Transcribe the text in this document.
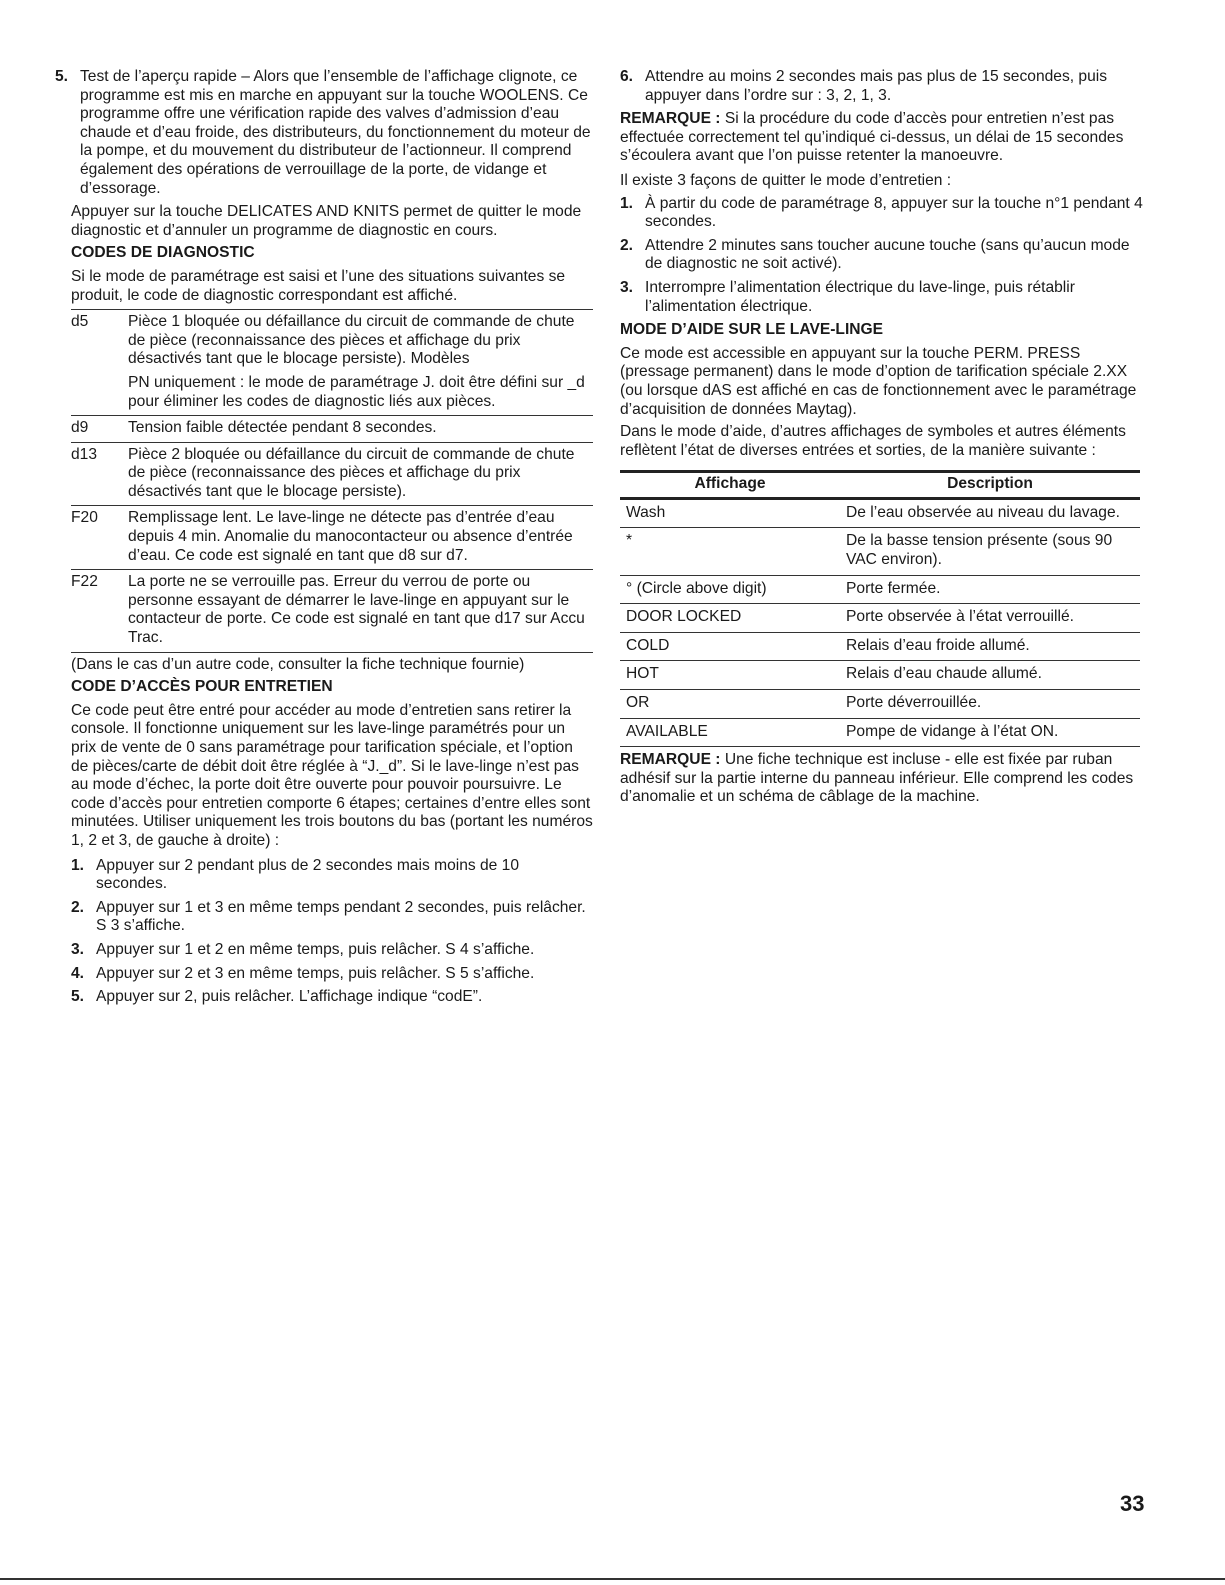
5. Test de l’aperçu rapide – Alors que l’ensemble de l’affichage clignote, ce programme est mis en marche en appuyant sur la touche WOOLENS. Ce programme offre une vérification rapide des valves d’admission d’eau chaude et d’eau froide, des distributeurs, du fonctionnement du moteur de la pompe, et du mouvement du distributeur de l’actionneur. Il comprend également des opérations de verrouillage de la porte, de vidange et d’essorage.

Appuyer sur la touche DELICATES AND KNITS permet de quitter le mode diagnostic et d’annuler un programme de diagnostic en cours.

CODES DE DIAGNOSTIC

Si le mode de paramétrage est saisi et l’une des situations suivantes se produit, le code de diagnostic correspondant est affiché.

d5	Pièce 1 bloquée ou défaillance du circuit de commande de chute de pièce (reconnaissance des pièces et affichage du prix désactivés tant que le blocage persiste). Modèles

PN uniquement : le mode de paramétrage J. doit être défini sur _d pour éliminer les codes de diagnostic liés aux pièces.

d9	Tension faible détectée pendant 8 secondes.

d13	Pièce 2 bloquée ou défaillance du circuit de commande de chute de pièce (reconnaissance des pièces et affichage du prix désactivés tant que le blocage persiste).

F20	Remplissage lent. Le lave-linge ne détecte pas d’entrée d’eau depuis 4 min. Anomalie du manocontacteur ou absence d’entrée d’eau. Ce code est signalé en tant que d8 sur d7.

F22	La porte ne se verrouille pas. Erreur du verrou de porte ou personne essayant de démarrer le lave-linge en appuyant sur le contacteur de porte. Ce code est signalé en tant que d17 sur Accu Trac.

(Dans le cas d’un autre code, consulter la fiche technique fournie)

CODE D’ACCÈS POUR ENTRETIEN

Ce code peut être entré pour accéder au mode d’entretien sans retirer la console. Il fonctionne uniquement sur les lave-linge paramétrés pour un prix de vente de 0 sans paramétrage pour tarification spéciale, et l’option de pièces/carte de débit doit être réglée à “J._d”. Si le lave-linge n’est pas au mode d’échec, la porte doit être ouverte pour pouvoir poursuivre. Le code d’accès pour entretien comporte 6 étapes; certaines d’entre elles sont minutées. Utiliser uniquement les trois boutons du bas (portant les numéros 1, 2 et 3, de gauche à droite) :

1. Appuyer sur 2 pendant plus de 2 secondes mais moins de 10 secondes.
2. Appuyer sur 1 et 3 en même temps pendant 2 secondes, puis relâcher. S 3 s’affiche.
3. Appuyer sur 1 et 2 en même temps, puis relâcher. S 4 s’affiche.
4. Appuyer sur 2 et 3 en même temps, puis relâcher. S 5 s’affiche.
5. Appuyer sur 2, puis relâcher. L’affichage indique “codE”.
6. Attendre au moins 2 secondes mais pas plus de 15 secondes, puis appuyer dans l’ordre sur : 3, 2, 1, 3.

REMARQUE : Si la procédure du code d’accès pour entretien n’est pas effectuée correctement tel qu’indiqué ci-dessus, un délai de 15 secondes s’écoulera avant que l’on puisse retenter la manoeuvre.

Il existe 3 façons de quitter le mode d’entretien :

1. À partir du code de paramétrage 8, appuyer sur la touche n°1 pendant 4 secondes.
2. Attendre 2 minutes sans toucher aucune touche (sans qu’aucun mode de diagnostic ne soit activé).
3. Interrompre l’alimentation électrique du lave-linge, puis rétablir l’alimentation électrique.
MODE D’AIDE SUR LE LAVE-LINGE

Ce mode est accessible en appuyant sur la touche PERM. PRESS (pressage permanent) dans le mode d’option de tarification spéciale 2.XX (ou lorsque dAS est affiché en cas de fonctionnement avec le paramétrage d’acquisition de données Maytag).

Dans le mode d’aide, d’autres affichages de symboles et autres éléments reflètent l’état de diverses entrées et sorties, de la manière suivante :

Affichage	Description
Wash	De l’eau observée au niveau du lavage.
*	De la basse tension présente (sous 90 VAC environ).
° (Circle above digit)	Porte fermée.
DOOR LOCKED	Porte observée à l’état verrouillé.
COLD	Relais d’eau froide allumé.
HOT	Relais d’eau chaude allumé.
OR	Porte déverrouillée.
AVAILABLE	Pompe de vidange à l’état ON.

REMARQUE : Une fiche technique est incluse - elle est fixée par ruban adhésif sur la partie interne du panneau inférieur. Elle comprend les codes d’anomalie et un schéma de câblage de la machine.

33
